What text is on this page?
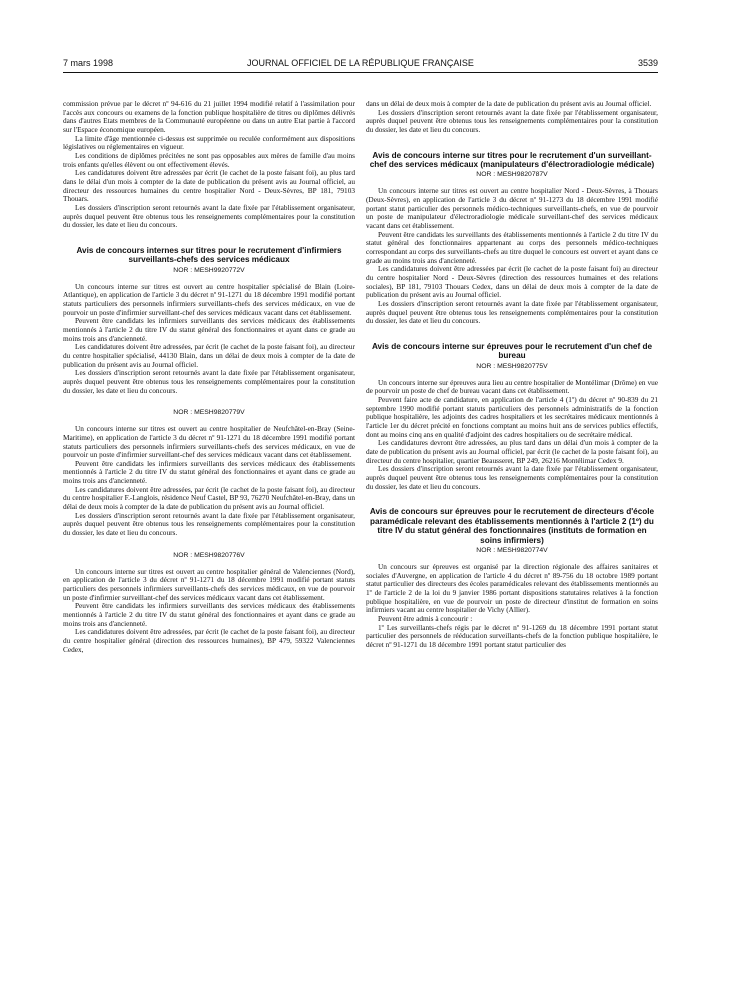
7 mars 1998	JOURNAL OFFICIEL DE LA RÉPUBLIQUE FRANÇAISE	3539

commission prévue par le décret nº 94-616 du 21 juillet 1994 modifié relatif à l'assimilation pour l'accès aux concours ou examens de la fonction publique hospitalière de titres ou diplômes délivrés dans d'autres Etats membres de la Communauté européenne ou dans un autre Etat partie à l'accord sur l'Espace économique européen.

La limite d'âge mentionnée ci-dessus est supprimée ou reculée conformément aux dispositions législatives ou réglementaires en vigueur.

Les conditions de diplômes précitées ne sont pas opposables aux mères de famille d'au moins trois enfants qu'elles élèvent ou ont effectivement élevés.

Les candidatures doivent être adressées par écrit (le cachet de la poste faisant foi), au plus tard dans le délai d'un mois à compter de la date de publication du présent avis au Journal officiel, au directeur des ressources humaines du centre hospitalier Nord - Deux-Sèvres, BP 181, 79103 Thouars.

Les dossiers d'inscription seront retournés avant la date fixée par l'établissement organisateur, auprès duquel peuvent être obtenus tous les renseignements complémentaires pour la constitution du dossier, les date et lieu du concours.

Avis de concours internes sur titres pour le recrutement d'infirmiers surveillants-chefs des services médicaux
NOR : MESH9920772V

Un concours interne sur titres est ouvert au centre hospitalier spécialisé de Blain (Loire-Atlantique), en application de l'article 3 du décret nº 91-1271 du 18 décembre 1991 modifié portant statuts particuliers des personnels infirmiers surveillants-chefs des services médicaux, en vue de pourvoir un poste d'infirmier surveillant-chef des services médicaux vacant dans cet établissement.

Peuvent être candidats les infirmiers surveillants des services médicaux des établissements mentionnés à l'article 2 du titre IV du statut général des fonctionnaires et ayant dans ce grade au moins trois ans d'ancienneté.

Les candidatures doivent être adressées, par écrit (le cachet de la poste faisant foi), au directeur du centre hospitalier spécialisé, 44130 Blain, dans un délai de deux mois à compter de la date de publication du présent avis au Journal officiel.

Les dossiers d'inscription seront retournés avant la date fixée par l'établissement organisateur, auprès duquel peuvent être obtenus tous les renseignements complémentaires pour la constitution du dossier, les date et lieu du concours.

NOR : MESH9820779V

Un concours interne sur titres est ouvert au centre hospitalier de Neufchâtel-en-Bray (Seine-Maritime), en application de l'article 3 du décret nº 91-1271 du 18 décembre 1991 modifié portant statuts particuliers des personnels infirmiers surveillants-chefs des services médicaux, en vue de pourvoir un poste d'infirmier surveillant-chef des services médicaux vacant dans cet établissement.

Peuvent être candidats les infirmiers surveillants des services médicaux des établissements mentionnés à l'article 2 du titre IV du statut général des fonctionnaires et ayant dans ce grade au moins trois ans d'ancienneté.

Les candidatures doivent être adressées, par écrit (le cachet de la poste faisant foi), au directeur du centre hospitalier F.-Langlois, résidence Neuf Castel, BP 93, 76270 Neufchâtel-en-Bray, dans un délai de deux mois à compter de la date de publication du présent avis au Journal officiel.

Les dossiers d'inscription seront retournés avant la date fixée par l'établissement organisateur, auprès duquel peuvent être obtenus tous les renseignements complémentaires pour la constitution du dossier, les date et lieu du concours.

NOR : MESH9820776V

Un concours interne sur titres est ouvert au centre hospitalier général de Valenciennes (Nord), en application de l'article 3 du décret nº 91-1271 du 18 décembre 1991 modifié portant statuts particuliers des personnels infirmiers surveillants-chefs des services médicaux, en vue de pourvoir un poste d'infirmier surveillant-chef des services médicaux vacant dans cet établissement.

Peuvent être candidats les infirmiers surveillants des services médicaux des établissements mentionnés à l'article 2 du titre IV du statut général des fonctionnaires et ayant dans ce grade au moins trois ans d'ancienneté.

Les candidatures doivent être adressées, par écrit (le cachet de la poste faisant foi), au directeur du centre hospitalier général (direction des ressources humaines), BP 479, 59322 Valenciennes Cedex,

dans un délai de deux mois à compter de la date de publication du présent avis au Journal officiel.

Les dossiers d'inscription seront retournés avant la date fixée par l'établissement organisateur, auprès duquel peuvent être obtenus tous les renseignements complémentaires pour la constitution du dossier, les date et lieu du concours.

Avis de concours interne sur titres pour le recrutement d'un surveillant-chef des services médicaux (manipulateurs d'électroradiologie médicale)
NOR : MESH9820787V

Un concours interne sur titres est ouvert au centre hospitalier Nord - Deux-Sèvres, à Thouars (Deux-Sèvres), en application de l'article 3 du décret nº 91-1273 du 18 décembre 1991 modifié portant statut particulier des personnels médico-techniques surveillants-chefs, en vue de pourvoir un poste de manipulateur d'électroradiologie médicale surveillant-chef des services médicaux vacant dans cet établissement.

Peuvent être candidats les surveillants des établissements mentionnés à l'article 2 du titre IV du statut général des fonctionnaires appartenant au corps des personnels médico-techniques correspondant au corps des surveillants-chefs au titre duquel le concours est ouvert et ayant dans ce grade au moins trois ans d'ancienneté.

Les candidatures doivent être adressées par écrit (le cachet de la poste faisant foi) au directeur du centre hospitalier Nord - Deux-Sèvres (direction des ressources humaines et des relations sociales), BP 181, 79103 Thouars Cedex, dans un délai de deux mois à compter de la date de publication du présent avis au Journal officiel.

Les dossiers d'inscription seront retournés avant la date fixée par l'établissement organisateur, auprès duquel peuvent être obtenus tous les renseignements complémentaires pour la constitution du dossier, les date et lieu du concours.

Avis de concours interne sur épreuves pour le recrutement d'un chef de bureau
NOR : MESH9820775V

Un concours interne sur épreuves aura lieu au centre hospitalier de Montélimar (Drôme) en vue de pourvoir un poste de chef de bureau vacant dans cet établissement.

Peuvent faire acte de candidature, en application de l'article 4 (1º) du décret nº 90-839 du 21 septembre 1990 modifié portant statuts particuliers des personnels administratifs de la fonction publique hospitalière, les adjoints des cadres hospitaliers et les secrétaires médicaux mentionnés à l'article 1er du décret précité en fonctions comptant au moins huit ans de services publics effectifs, dont au moins cinq ans en qualité d'adjoint des cadres hospitaliers ou de secrétaire médical.

Les candidatures devront être adressées, au plus tard dans un délai d'un mois à compter de la date de publication du présent avis au Journal officiel, par écrit (le cachet de la poste faisant foi), au directeur du centre hospitalier, quartier Beausseret, BP 249, 26216 Montélimar Cedex 9.

Les dossiers d'inscription seront retournés avant la date fixée par l'établissement organisateur, auprès duquel peuvent être obtenus tous les renseignements complémentaires pour la constitution du dossier, les date et lieu du concours.

Avis de concours sur épreuves pour le recrutement de directeurs d'école paramédicale relevant des établissements mentionnés à l'article 2 (1º) du titre IV du statut général des fonctionnaires (instituts de formation en soins infirmiers)
NOR : MESH9820774V

Un concours sur épreuves est organisé par la direction régionale des affaires sanitaires et sociales d'Auvergne, en application de l'article 4 du décret nº 89-756 du 18 octobre 1989 portant statut particulier des directeurs des écoles paramédicales relevant des établissements mentionnés au 1º de l'article 2 de la loi du 9 janvier 1986 portant dispositions statutaires relatives à la fonction publique hospitalière, en vue de pourvoir un poste de directeur d'institut de formation en soins infirmiers vacant au centre hospitalier de Vichy (Allier).

Peuvent être admis à concourir :

1º Les surveillants-chefs régis par le décret nº 91-1269 du 18 décembre 1991 portant statut particulier des personnels de rééducation surveillants-chefs de la fonction publique hospitalière, le décret nº 91-1271 du 18 décembre 1991 portant statut particulier des
